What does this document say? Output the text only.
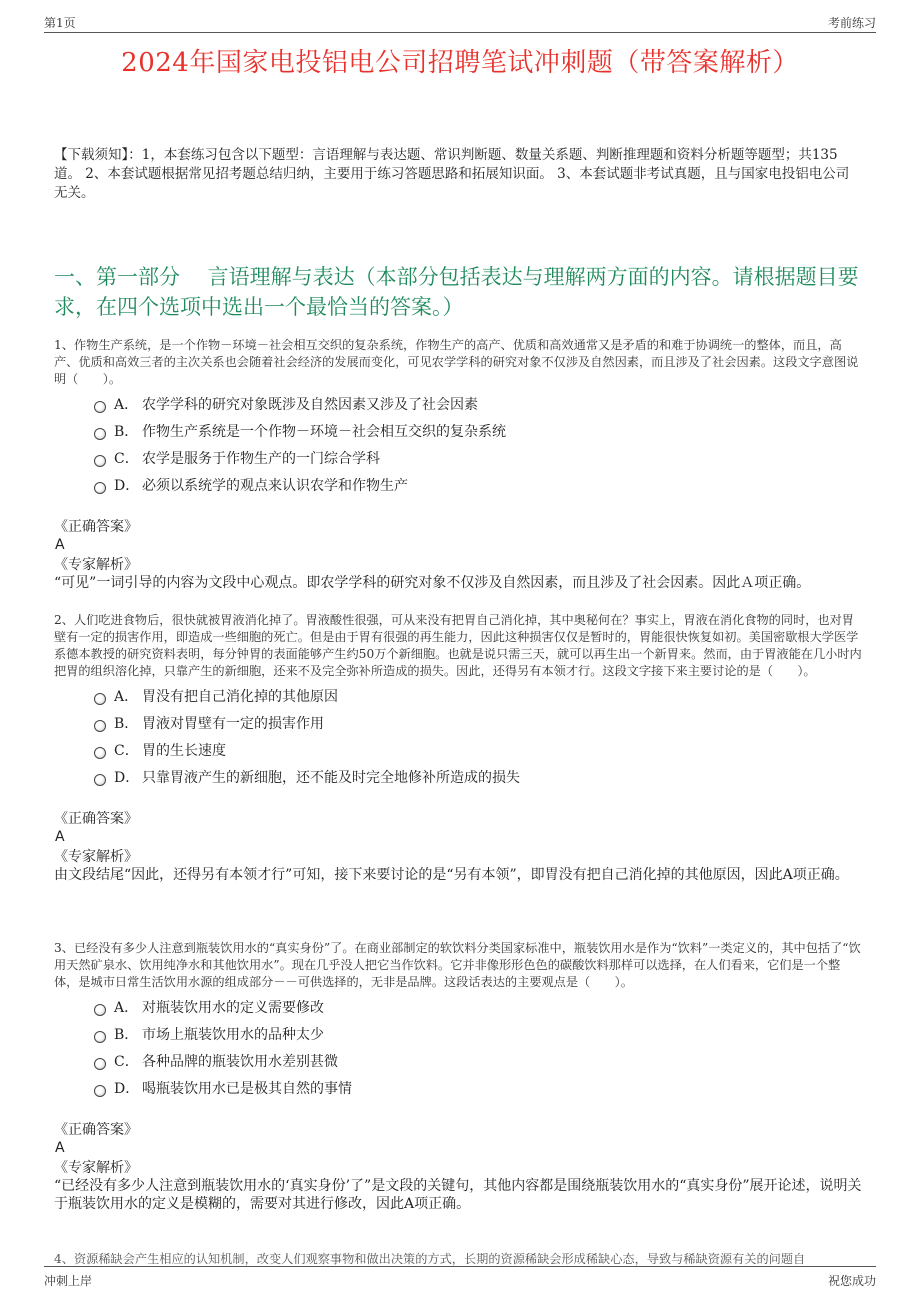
第1页	考前练习
2024年国家电投铝电公司招聘笔试冲刺题（带答案解析）
【下载须知】：1，本套练习包含以下题型：言语理解与表达题、常识判断题、数量关系题、判断推理题和资料分析题等题型；共135道。 2、本套试题根据常见招考题总结归纳，主要用于练习答题思路和拓展知识面。 3、本套试题非考试真题，且与国家电投铝电公司无关。
一、第一部分　 言语理解与表达（本部分包括表达与理解两方面的内容。请根据题目要求，在四个选项中选出一个最恰当的答案。）
1、作物生产系统，是一个作物－环境－社会相互交织的复杂系统，作物生产的高产、优质和高效通常又是矛盾的和难于协调统一的整体，而且，高产、优质和高效三者的主次关系也会随着社会经济的发展而变化，可见农学学科的研究对象不仅涉及自然因素，而且涉及了社会因素。这段文字意图说明（　　）。
A． 农学学科的研究对象既涉及自然因素又涉及了社会因素
B． 作物生产系统是一个作物－环境－社会相互交织的复杂系统
C． 农学是服务于作物生产的一门综合学科
D． 必须以系统学的观点来认识农学和作物生产
《正确答案》
A
《专家解析》
“可见”一词引导的内容为文段中心观点。即农学学科的研究对象不仅涉及自然因素，而且涉及了社会因素。因此Ａ项正确。
2、人们吃进食物后，很快就被胃液消化掉了。胃液酸性很强，可从来没有把胃自己消化掉，其中奥秘何在？事实上，胃液在消化食物的同时，也对胃壁有一定的损害作用，即造成一些细胞的死亡。但是由于胃有很强的再生能力，因此这种损害仅仅是暂时的，胃能很快恢复如初。美国密歇根大学医学系德本教授的研究资料表明，每分钟胃的表面能够产生约50万个新细胞。也就是说只需三天，就可以再生出一个新胃来。然而，由于胃液能在几小时内把胃的组织溶化掉，只靠产生的新细胞，还来不及完全弥补所造成的损失。因此，还得另有本领才行。这段文字接下来主要讨论的是（　　）。
A． 胃没有把自己消化掉的其他原因
B． 胃液对胃壁有一定的损害作用
C． 胃的生长速度
D． 只靠胃液产生的新细胞，还不能及时完全地修补所造成的损失
《正确答案》
A
《专家解析》
由文段结尾“因此，还得另有本领才行”可知，接下来要讨论的是“另有本领”，即胃没有把自己消化掉的其他原因，因此A项正确。
3、已经没有多少人注意到瓶装饮用水的“真实身份”了。在商业部制定的软饮料分类国家标准中，瓶装饮用水是作为“饮料”一类定义的，其中包括了“饮用天然矿泉水、饮用纯净水和其他饮用水”。现在几乎没人把它当作饮料。它并非像形形色色的碳酸饮料那样可以选择，在人们看来，它们是一个整体，是城市日常生活饮用水源的组成部分－－可供选择的，无非是品牌。这段话表达的主要观点是（　　）。
A． 对瓶装饮用水的定义需要修改
B． 市场上瓶装饮用水的品种太少
C． 各种品牌的瓶装饮用水差别甚微
D． 喝瓶装饮用水已是极其自然的事情
《正确答案》
A
《专家解析》
“已经没有多少人注意到瓶装饮用水的‘真实身份’了”是文段的关键句，其他内容都是围绕瓶装饮用水的“真实身份”展开论述，说明关于瓶装饮用水的定义是模糊的，需要对其进行修改，因此A项正确。
4、资源稀缺会产生相应的认知机制，改变人们观察事物和做出决策的方式，长期的资源稀缺会形成稀缺心态，导致与稀缺资源有关的问题自
冲刺上岸	祝您成功
